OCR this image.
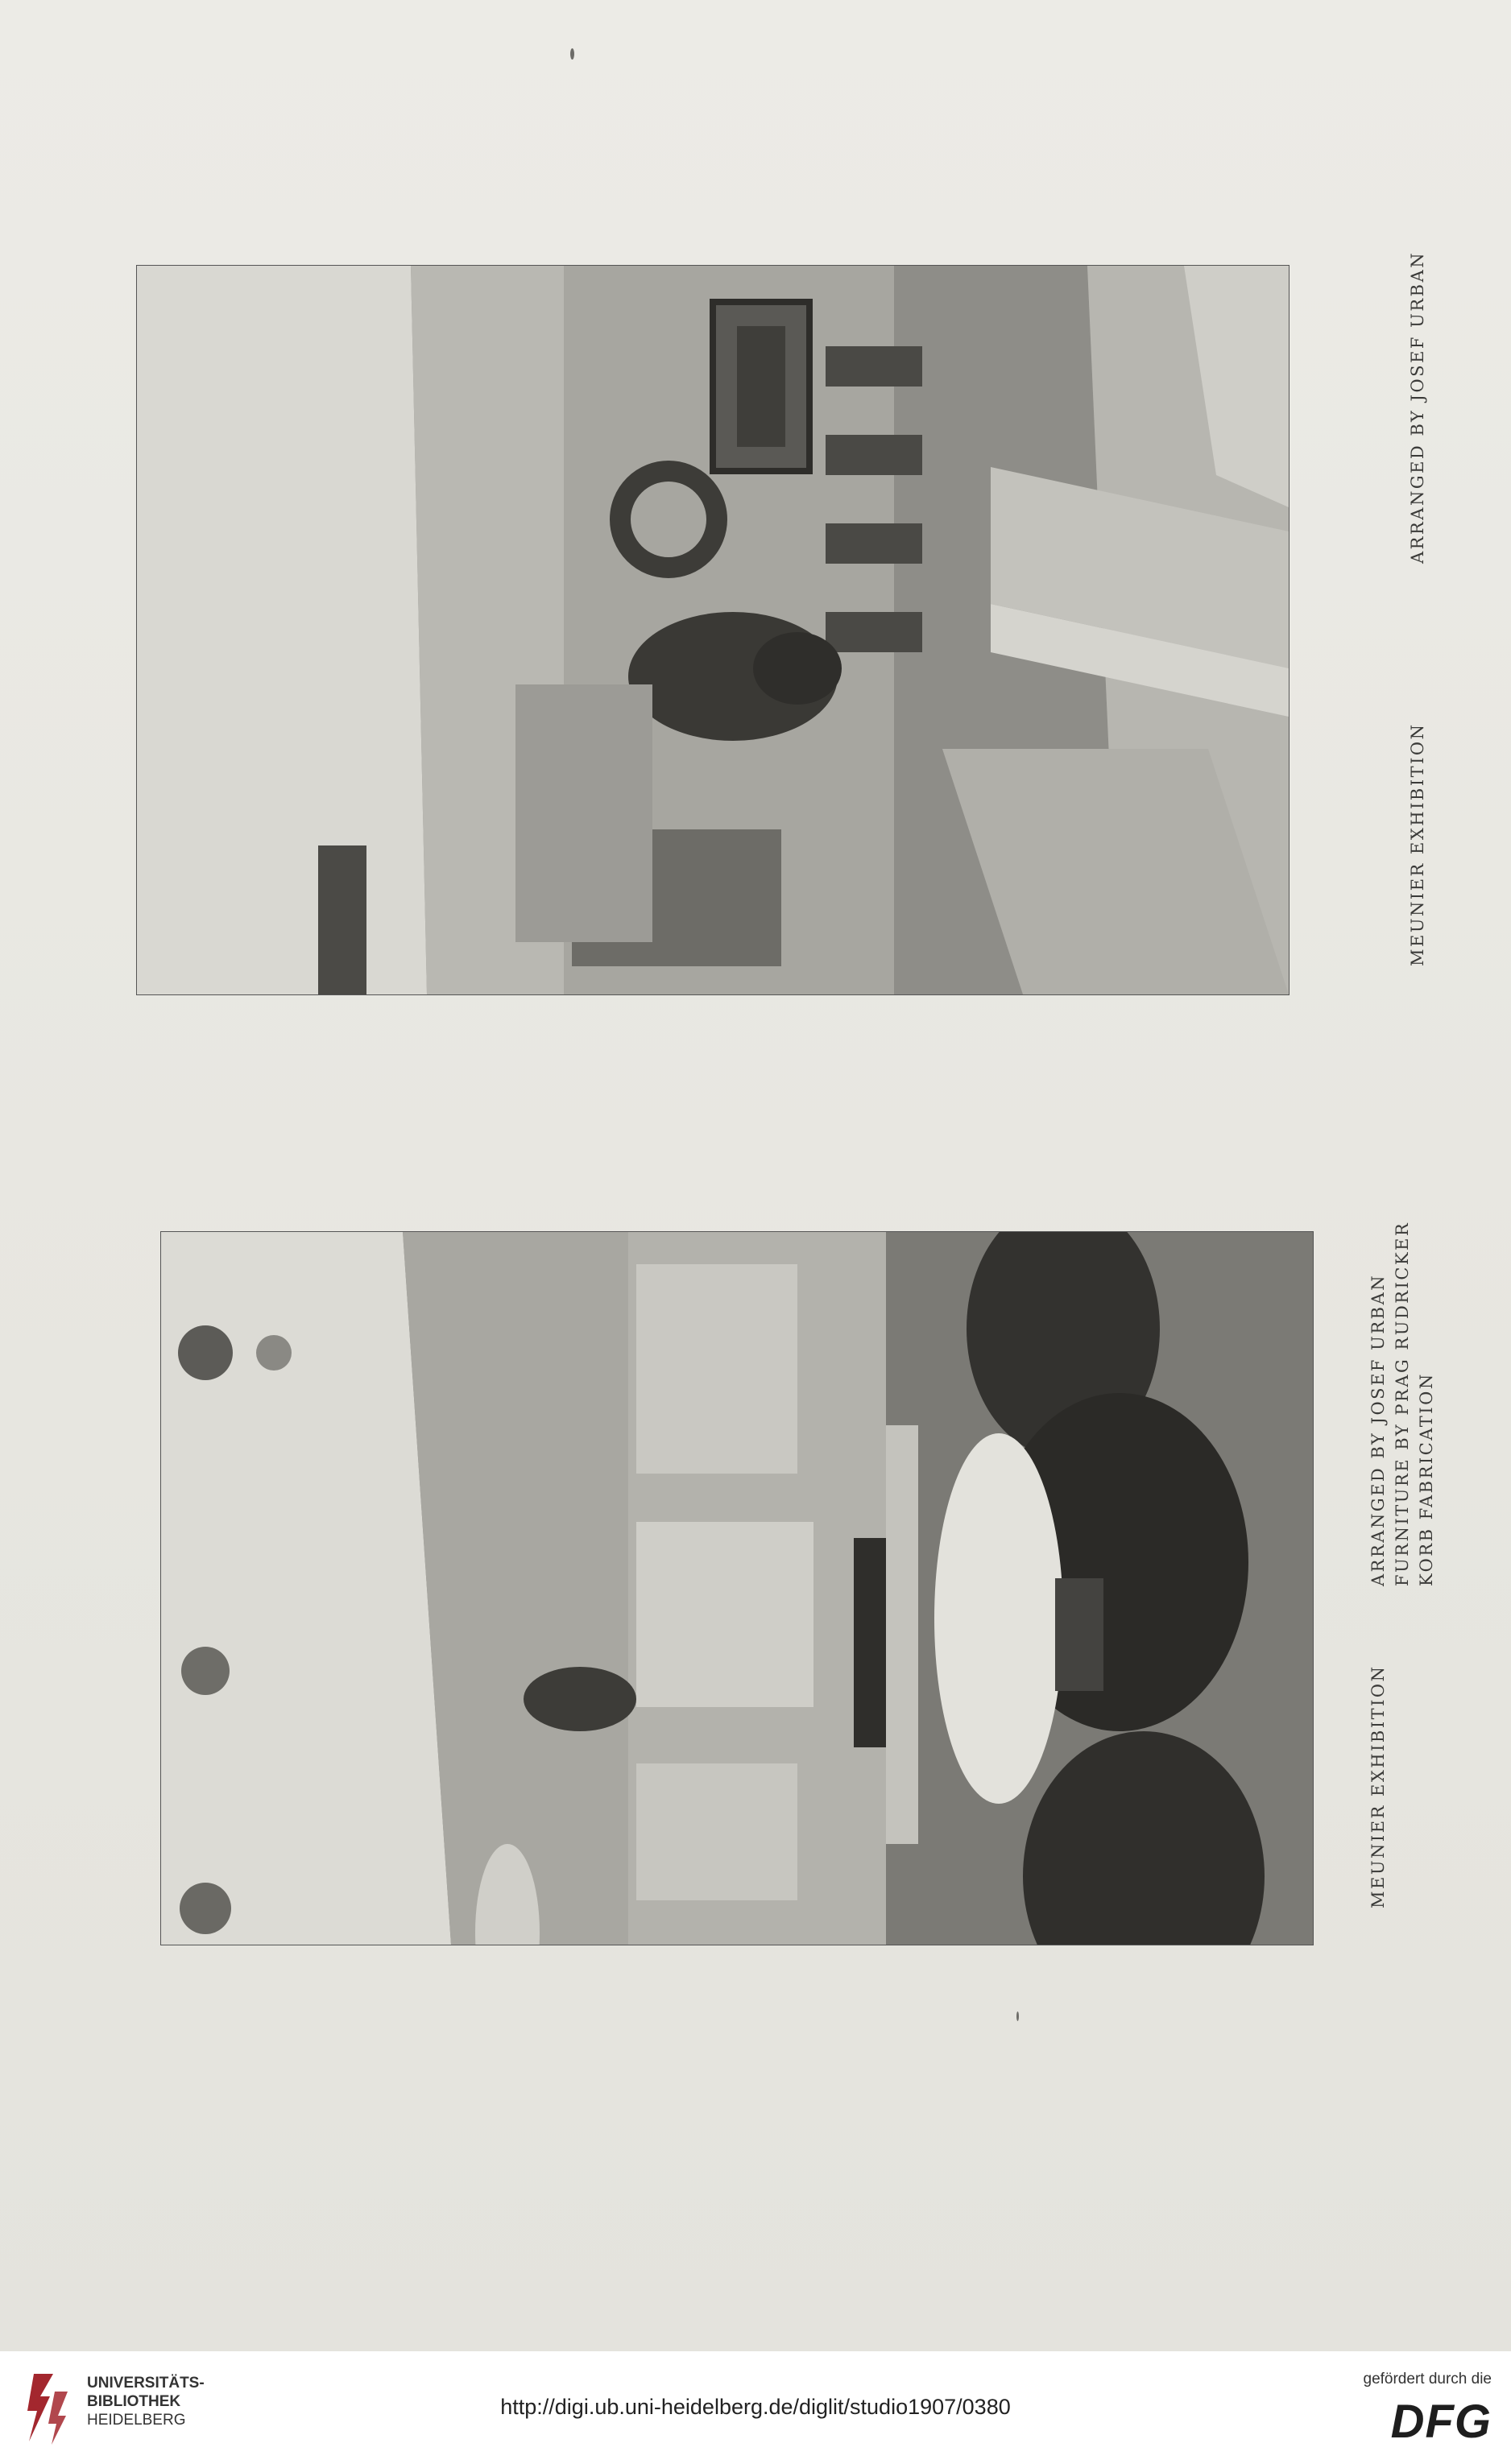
MEUNIER EXHIBITION
ARRANGED BY JOSEF URBAN
MEUNIER EXHIBITION
ARRANGED BY JOSEF URBAN FURNITURE BY PRAG RUDRICKER KORB FABRICATION
UNIVERSITÄTS-
BIBLIOTHEK
HEIDELBERG
http://digi.ub.uni-heidelberg.de/diglit/studio1907/0380
gefördert durch die
DFG
